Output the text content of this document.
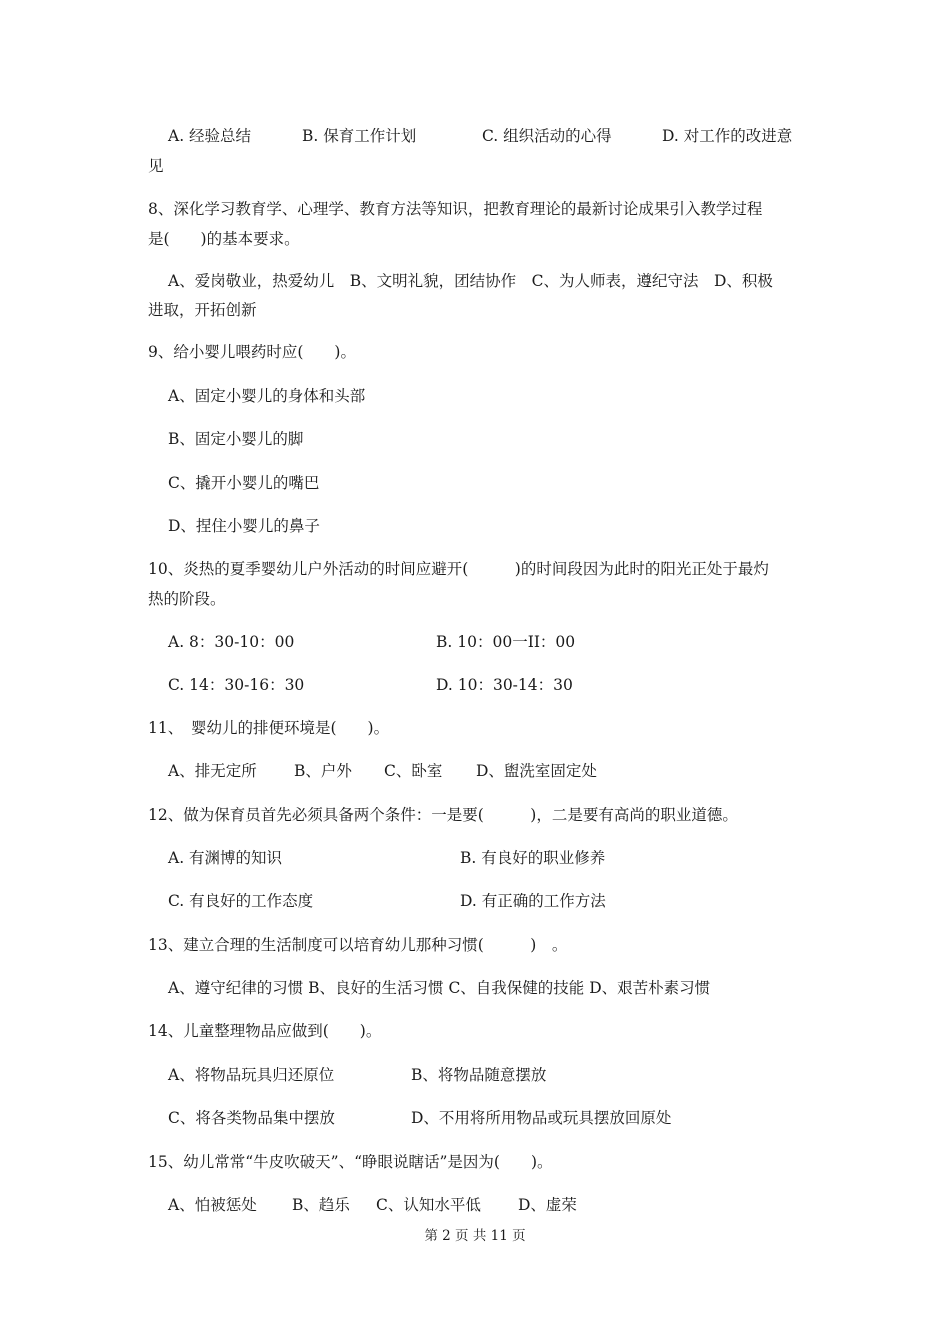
A. 经验总结	B. 保育工作计划	C. 组织活动的心得	D. 对工作的改进意
见
8、深化学习教育学、心理学、教育方法等知识，把教育理论的最新讨论成果引入教学过程
是(　　)的基本要求。
A、爱岗敬业，热爱幼儿　B、文明礼貌，团结协作　C、为人师表，遵纪守法　D、积极
进取，开拓创新
9、给小婴儿喂药时应(　　)。
A、固定小婴儿的身体和头部
B、固定小婴儿的脚
C、撬开小婴儿的嘴巴
D、捏住小婴儿的鼻子
10、炎热的夏季婴幼儿户外活动的时间应避开(　　　)的时间段因为此时的阳光正处于最灼
热的阶段。
A. 8：30-10：00	B. 10：00一II：00
C. 14：30-16：30	D. 10：30-14：30
11、　婴幼儿的排便环境是(　　)。
A、排无定所 B、户外 C、卧室 D、盥洗室固定处
12、做为保育员首先必须具备两个条件：一是要(　　　)，二是要有高尚的职业道德。
A. 有渊博的知识	B. 有良好的职业修养
C. 有良好的工作态度	D. 有正确的工作方法
13、建立合理的生活制度可以培育幼儿那种习惯(　　　)　。
A、遵守纪律的习惯 B、良好的生活习惯 C、自我保健的技能 D、艰苦朴素习惯
14、儿童整理物品应做到(　　)。
A、将物品玩具归还原位	B、将物品随意摆放
C、将各类物品集中摆放	D、不用将所用物品或玩具摆放回原处
15、幼儿常常“牛皮吹破天”、“睁眼说瞎话”是因为(　　)。
A、怕被惩处 B、趋乐 C、认知水平低 D、虚荣
第 2 页 共 11 页
